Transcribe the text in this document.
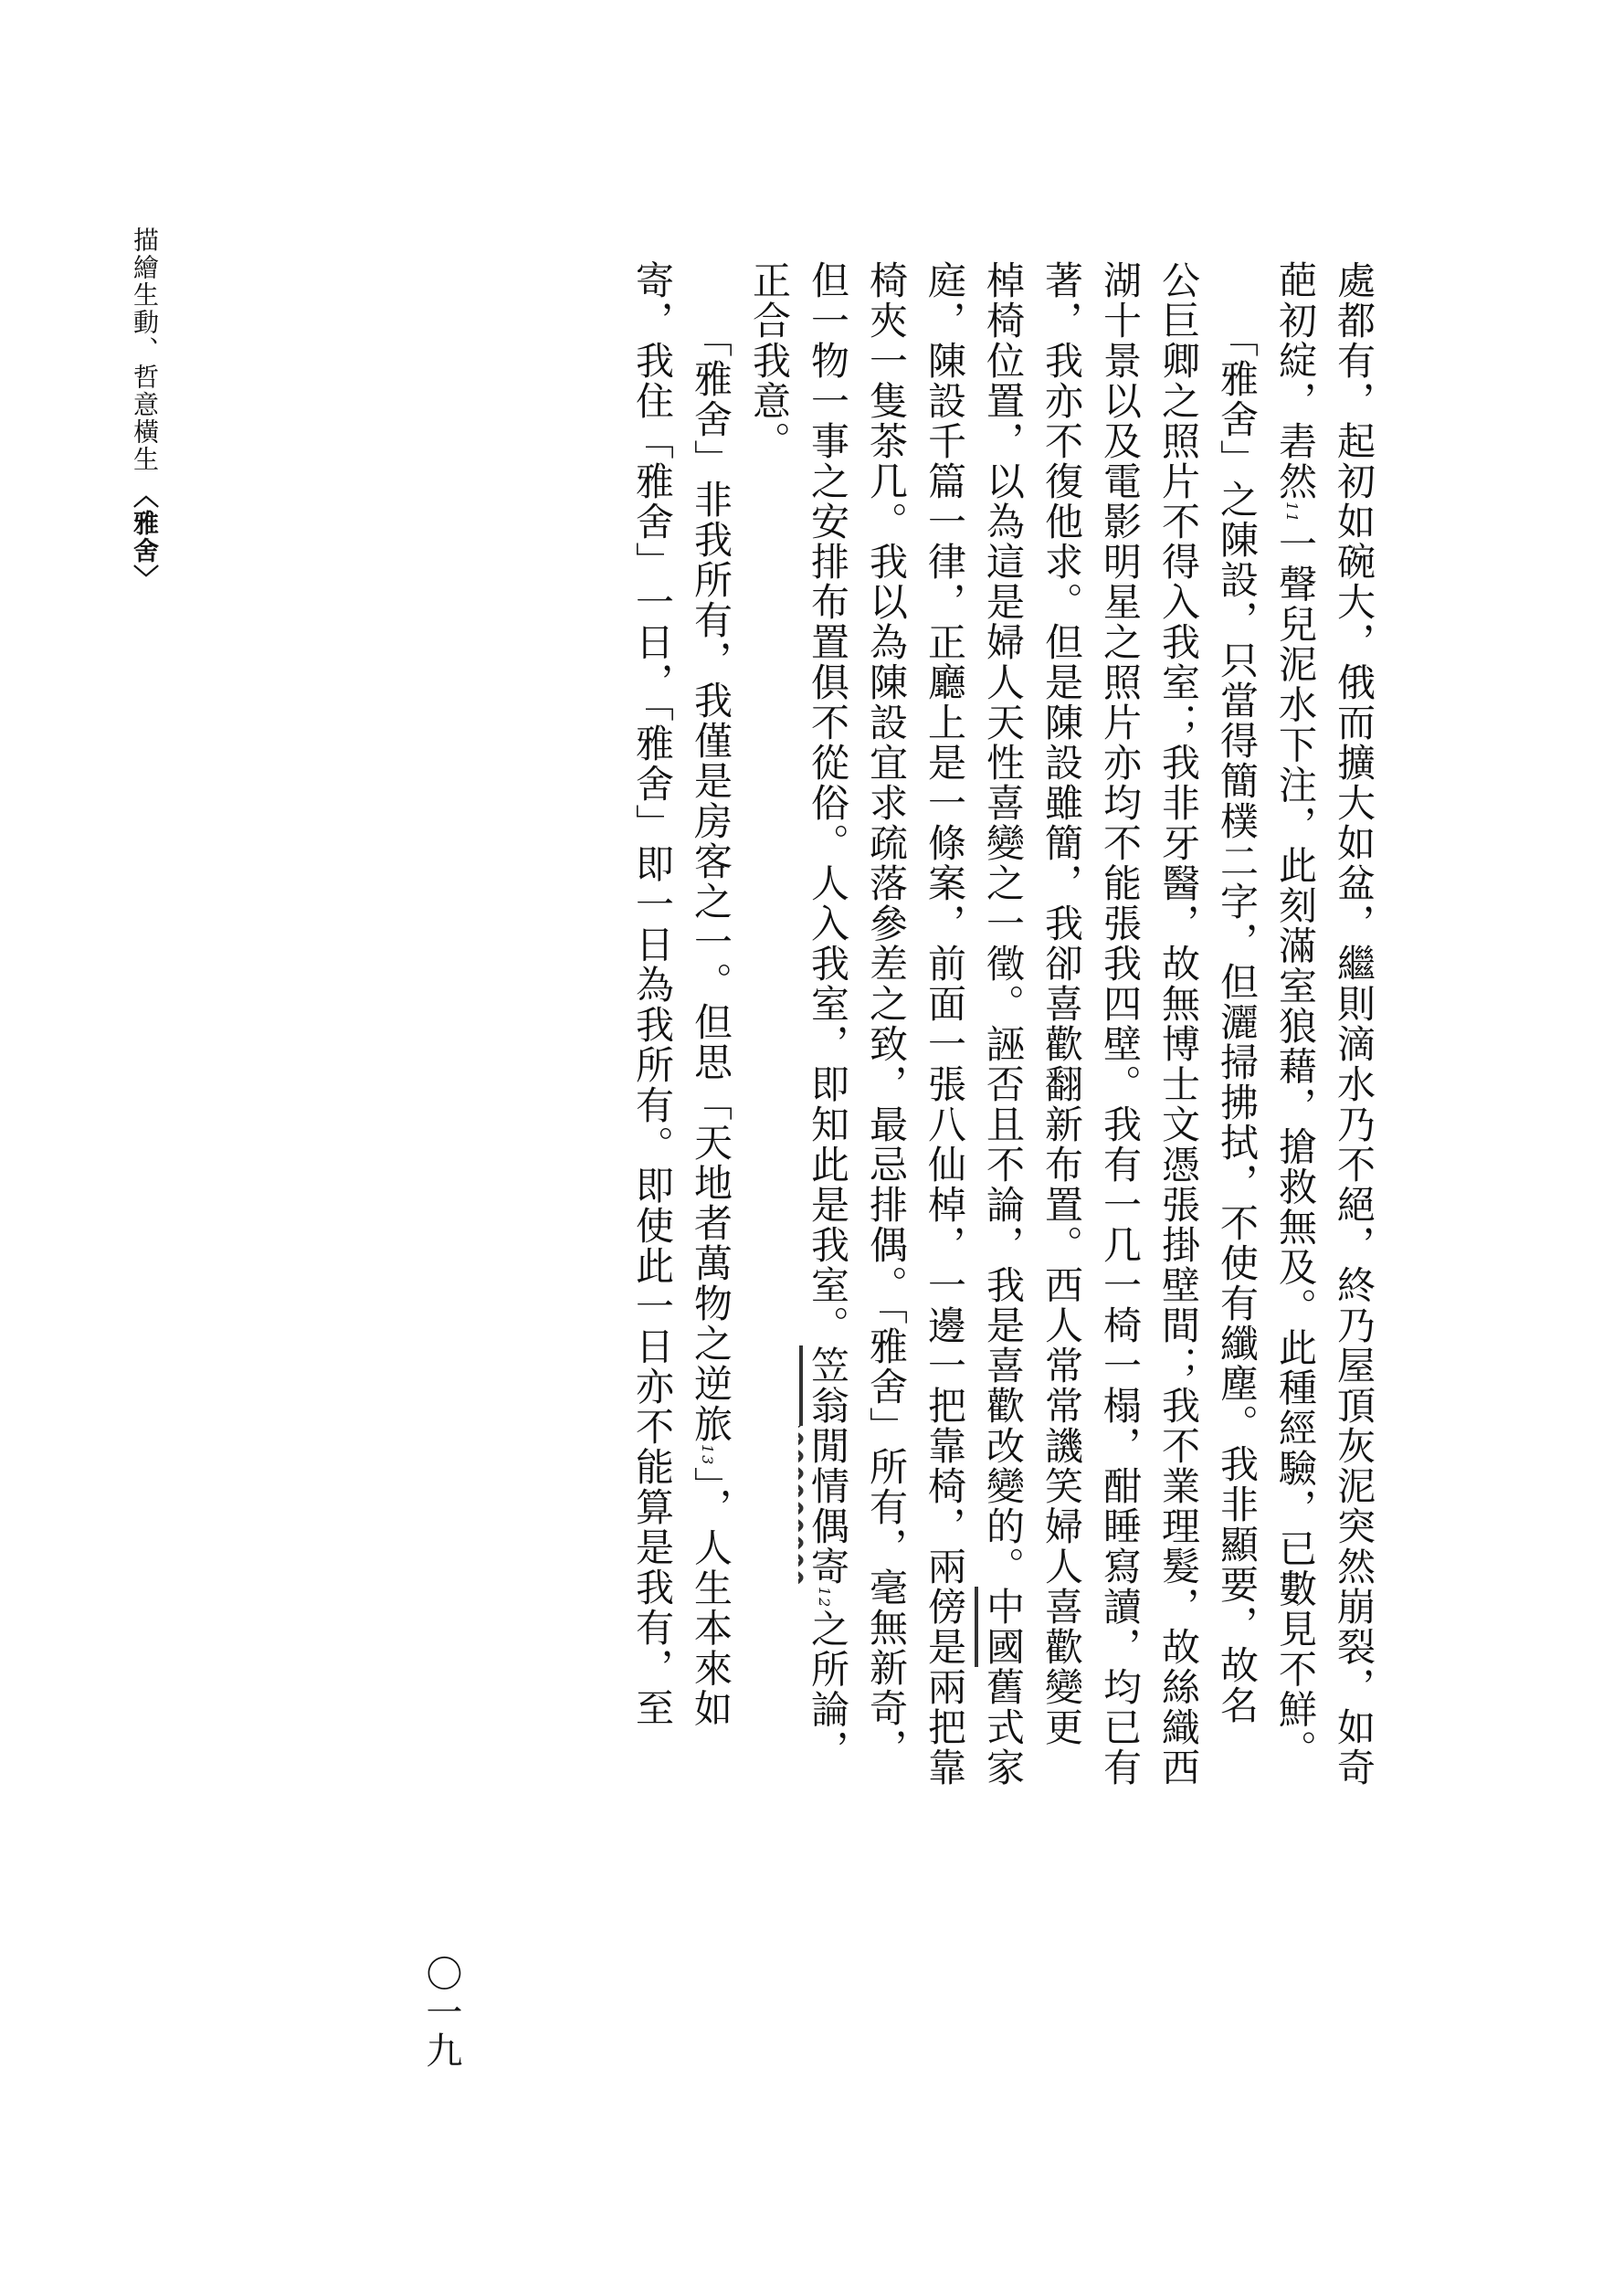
描繪生動、哲意橫生〈雅舍〉	處都有，起初如碗大，俄而擴大如盆，繼則滴水乃不絕，終乃屋頂灰泥突然崩裂，如奇
葩初綻，砉然11一聲兒泥水下注，此刻滿室狼藉，搶救無及。此種經驗，已數見不鮮。
「雅舍」之陳設，只當得簡樸二字，但灑掃拂拭，不使有纖塵。我非顯要，故名
公巨卿之照片不得入我室；我非牙醫，故無博士文憑張掛壁間；我不業理髮，故絲織西
湖十景以及電影明星之照片亦均不能張我四壁。我有一几一椅一榻，酣睡寫讀，均已有
著，我亦不復他求。但是陳設雖簡，我卻喜歡翻新布置。西人常常譏笑婦人喜歡變更
棹椅位置，以為這是婦人天性喜變之一徵。誣否且不論，我是喜歡改變的。中國舊式家
庭，陳設千篇一律，正廳上是一條案，前面一張八仙棹，一邊一把靠椅，兩傍是兩把靠
椅夾一隻茶几。我以為陳設宜求疏落參差之致，最忌排偶。「雅舍」所有，毫無新奇，
但一物一事之安排布置俱不從俗。人入我室，即知此是我室。笠翁閒情偶寄12之所論，
正合我意。
「雅舍」非我所有，我僅是房客之一。但思「天地者萬物之逆旅13」，人生本來如
寄，我住「雅舍」一日，「雅舍」即一日為我所有。即使此一日亦不能算是我有，至
〇一九
